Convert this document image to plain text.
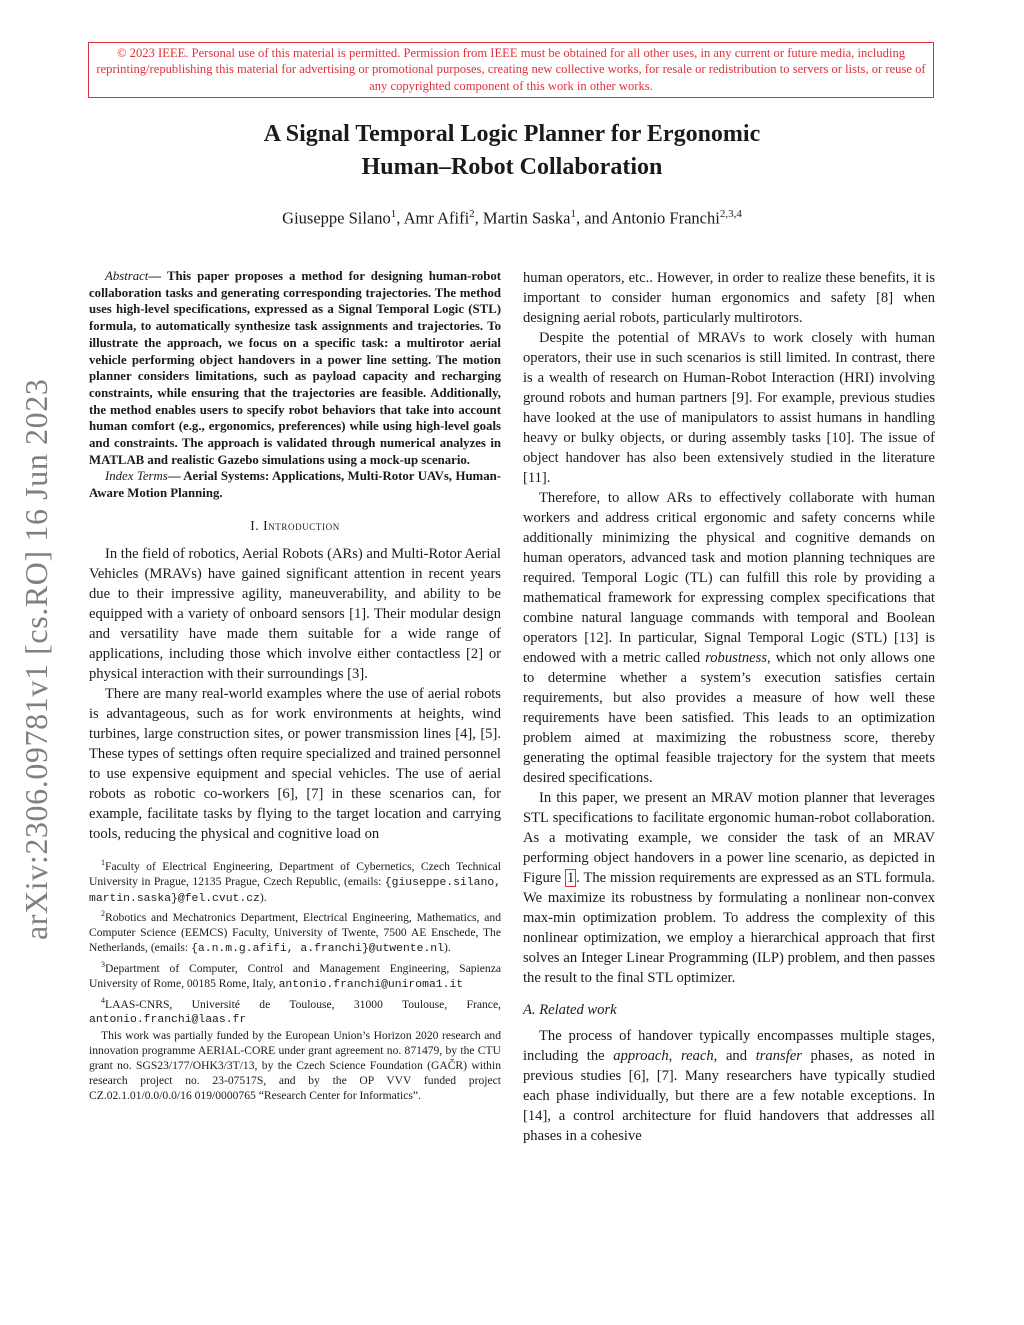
© 2023 IEEE. Personal use of this material is permitted. Permission from IEEE must be obtained for all other uses, in any current or future media, including reprinting/republishing this material for advertising or promotional purposes, creating new collective works, for resale or redistribution to servers or lists, or reuse of any copyrighted component of this work in other works.
arXiv:2306.09781v1 [cs.RO] 16 Jun 2023
A Signal Temporal Logic Planner for Ergonomic
Human–Robot Collaboration
Giuseppe Silano$^1$, Amr Afifi$^2$, Martin Saska$^1$, and Antonio Franchi$^{2,3,4}$

Abstract— This paper proposes a method for designing human-robot collaboration tasks and generating corresponding trajectories. The method uses high-level specifications, expressed as a Signal Temporal Logic (STL) formula, to automatically synthesize task assignments and trajectories. To illustrate the approach, we focus on a specific task: a multirotor aerial vehicle performing object handovers in a power line setting. The motion planner considers limitations, such as payload capacity and recharging constraints, while ensuring that the trajectories are feasible. Additionally, the method enables users to specify robot behaviors that take into account human comfort (e.g., ergonomics, preferences) while using high-level goals and constraints. The approach is validated through numerical analyzes in MATLAB and realistic Gazebo simulations using a mock-up scenario.

Index Terms— Aerial Systems: Applications, Multi-Rotor UAVs, Human-Aware Motion Planning.

I. Introduction

In the field of robotics, Aerial Robots (ARs) and Multi-Rotor Aerial Vehicles (MRAVs) have gained significant attention in recent years due to their impressive agility, maneuverability, and ability to be equipped with a variety of onboard sensors [1]. Their modular design and versatility have made them suitable for a wide range of applications, including those which involve either contactless [2] or physical interaction with their surroundings [3].

There are many real-world examples where the use of aerial robots is advantageous, such as for work environments at heights, wind turbines, large construction sites, or power transmission lines [4], [5]. These types of settings often require specialized and trained personnel to use expensive equipment and special vehicles. The use of aerial robots as robotic co-workers [6], [7] in these scenarios can, for example, facilitate tasks by flying to the target location and carrying tools, reducing the physical and cognitive load on

$^1$Faculty of Electrical Engineering, Department of Cybernetics, Czech Technical University in Prague, 12135 Prague, Czech Republic, (emails: {giuseppe.silano, martin.saska}@fel.cvut.cz).

$^2$Robotics and Mechatronics Department, Electrical Engineering, Mathematics, and Computer Science (EEMCS) Faculty, University of Twente, 7500 AE Enschede, The Netherlands, (emails: {a.n.m.g.afifi, a.franchi}@utwente.nl).

$^3$Department of Computer, Control and Management Engineering, Sapienza University of Rome, 00185 Rome, Italy, antonio.franchi@uniroma1.it

$^4$LAAS-CNRS, Université de Toulouse, 31000 Toulouse, France, antonio.franchi@laas.fr

This work was partially funded by the European Union’s Horizon 2020 research and innovation programme AERIAL-CORE under grant agreement no. 871479, by the CTU grant no. SGS23/177/OHK3/3T/13, by the Czech Science Foundation (GAČR) within research project no. 23-07517S, and by the OP VVV funded project CZ.02.1.01/0.0/0.0/16 019/0000765 “Research Center for Informatics”.

human operators, etc.. However, in order to realize these benefits, it is important to consider human ergonomics and safety [8] when designing aerial robots, particularly multirotors.

Despite the potential of MRAVs to work closely with human operators, their use in such scenarios is still limited. In contrast, there is a wealth of research on Human-Robot Interaction (HRI) involving ground robots and human partners [9]. For example, previous studies have looked at the use of manipulators to assist humans in handling heavy or bulky objects, or during assembly tasks [10]. The issue of object handover has also been extensively studied in the literature [11].

Therefore, to allow ARs to effectively collaborate with human workers and address critical ergonomic and safety concerns while additionally minimizing the physical and cognitive demands on human operators, advanced task and motion planning techniques are required. Temporal Logic (TL) can fulfill this role by providing a mathematical framework for expressing complex specifications that combine natural language commands with temporal and Boolean operators [12]. In particular, Signal Temporal Logic (STL) [13] is endowed with a metric called robustness, which not only allows one to determine whether a system’s execution satisfies certain requirements, but also provides a measure of how well these requirements have been satisfied. This leads to an optimization problem aimed at maximizing the robustness score, thereby generating the optimal feasible trajectory for the system that meets desired specifications.

In this paper, we present an MRAV motion planner that leverages STL specifications to facilitate ergonomic human-robot collaboration. As a motivating example, we consider the task of an MRAV performing object handovers in a power line scenario, as depicted in Figure 1 . The mission requirements are expressed as an STL formula. We maximize its robustness by formulating a nonlinear non-convex max-min optimization problem. To address the complexity of this nonlinear optimization, we employ a hierarchical approach that first solves an Integer Linear Programming (ILP) problem, and then passes the result to the final STL optimizer.

A. Related work

The process of handover typically encompasses multiple stages, including the approach, reach, and transfer phases, as noted in previous studies [6], [7]. Many researchers have typically studied each phase individually, but there are a few notable exceptions. In [14], a control architecture for fluid handovers that addresses all phases in a cohesive
